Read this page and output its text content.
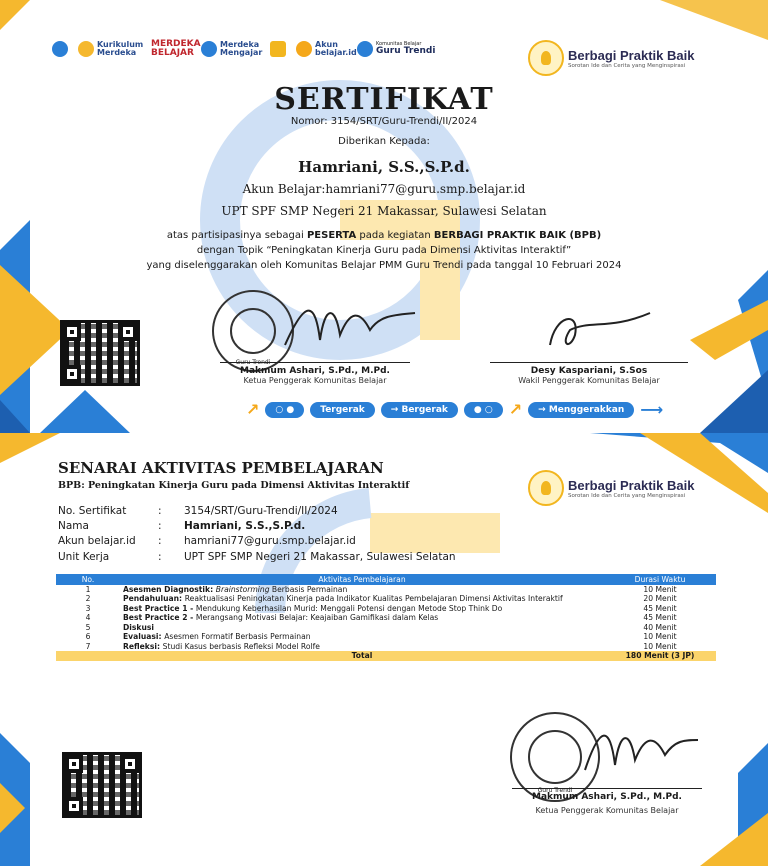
Kurikulum Merdeka
MERDEKA BELAJAR
Merdeka Mengajar
Akun belajar.id
Komunitas Belajar
Guru Trendi	Berbagi Praktik Baik
Sorotan Ide dan Cerita yang Menginspirasi
SERTIFIKAT
Nomor: 3154/SRT/Guru-Trendi/II/2024
Diberikan Kepada:
Hamriani, S.S.,S.P.d.
Akun Belajar:hamriani77@guru.smp.belajar.id
UPT SPF SMP Negeri 21 Makassar, Sulawesi Selatan
atas partisipasinya sebagai PESERTA pada kegiatan BERBAGI PRAKTIK BAIK (BPB)
dengan Topik “Peningkatan Kinerja Guru pada Dimensi Aktivitas Interaktif”
yang diselenggarakan oleh Komunitas Belajar PMM Guru Trendi pada tanggal 10 Februari 2024
Guru Trendi
Makmum Ashari, S.Pd., M.Pd.
Ketua Penggerak Komunitas Belajar
Desy Kaspariani, S.Sos
Wakil Penggerak Komunitas Belajar
↗	○ ●	Tergerak	→ Bergerak	● ○	↗	→ Menggerakkan	⟶
SENARAI AKTIVITAS PEMBELAJARAN
BPB: Peningkatan Kinerja Guru pada Dimensi Aktivitas Interaktif	Berbagi Praktik Baik
Sorotan Ide dan Cerita yang Menginspirasi
No. Sertifikat	:	3154/SRT/Guru-Trendi/II/2024
Nama	:	Hamriani, S.S.,S.P.d.
Akun belajar.id	:	hamriani77@guru.smp.belajar.id
Unit Kerja	:	UPT SPF SMP Negeri 21 Makassar, Sulawesi Selatan
No.	Aktivitas Pembelajaran	Durasi Waktu
1	Asesmen Diagnostik: Brainstorming Berbasis Permainan	10 Menit
2	Pendahuluan: Reaktualisasi Peningkatan Kinerja pada Indikator Kualitas Pembelajaran Dimensi Aktivitas Interaktif	20 Menit
3	Best Practice 1 - Mendukung Keberhasilan Murid: Menggali Potensi dengan Metode Stop Think Do	45 Menit
4	Best Practice 2 - Merangsang Motivasi Belajar: Keajaiban Gamifikasi dalam Kelas	45 Menit
5	Diskusi	40 Menit
6	Evaluasi: Asesmen Formatif Berbasis Permainan	10 Menit
7	Refleksi: Studi Kasus berbasis Refleksi Model Rolfe	10 Menit
	Total	180 Menit (3 JP)
Guru Trendi
Makmum Ashari, S.Pd., M.Pd.
Ketua Penggerak Komunitas Belajar
